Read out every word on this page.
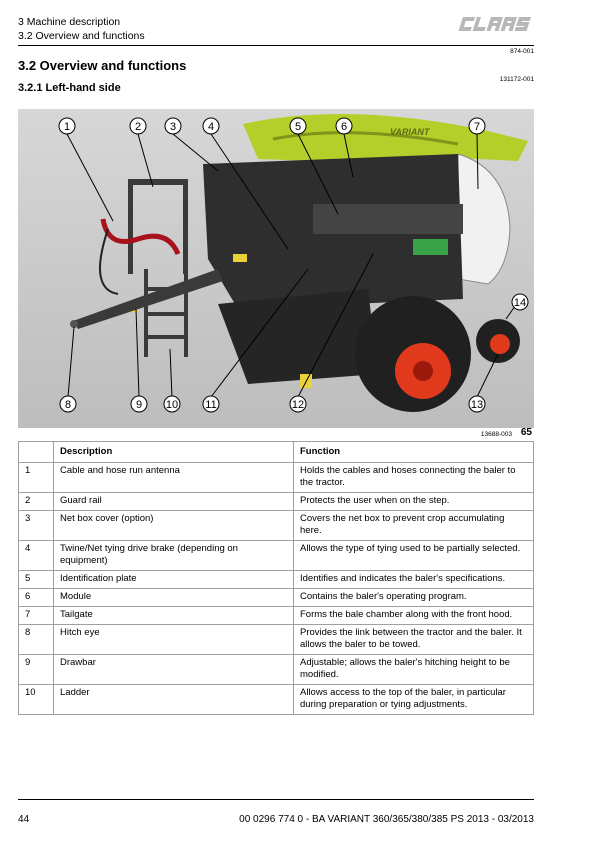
3 Machine description
3.2 Overview and functions
874-001
3.2 Overview and functions
131172-001
3.2.1 Left-hand side
VARIANT
1	2	3	4	5	6	7
8	9 10 11	12	13
14
13688-003 65
	Description	Function
1	Cable and hose run antenna	Holds the cables and hoses connecting the baler to the tractor.
2	Guard rail	Protects the user when on the step.
3	Net box cover (option)	Covers the net box to prevent crop accumulating here.
4	Twine/Net tying drive brake (depending on equipment)	Allows the type of tying used to be partially selected.
5	Identification plate	Identifies and indicates the baler's specifications.
6	Module	Contains the baler's operating program.
7	Tailgate	Forms the bale chamber along with the front hood.
8	Hitch eye	Provides the link between the tractor and the baler. It allows the baler to be towed.
9	Drawbar	Adjustable; allows the baler's hitching height to be modified.
10	Ladder	Allows access to the top of the baler, in particular during preparation or tying adjustments.
44	00 0296 774 0 - BA VARIANT 360/365/380/385 PS 2013 - 03/2013
